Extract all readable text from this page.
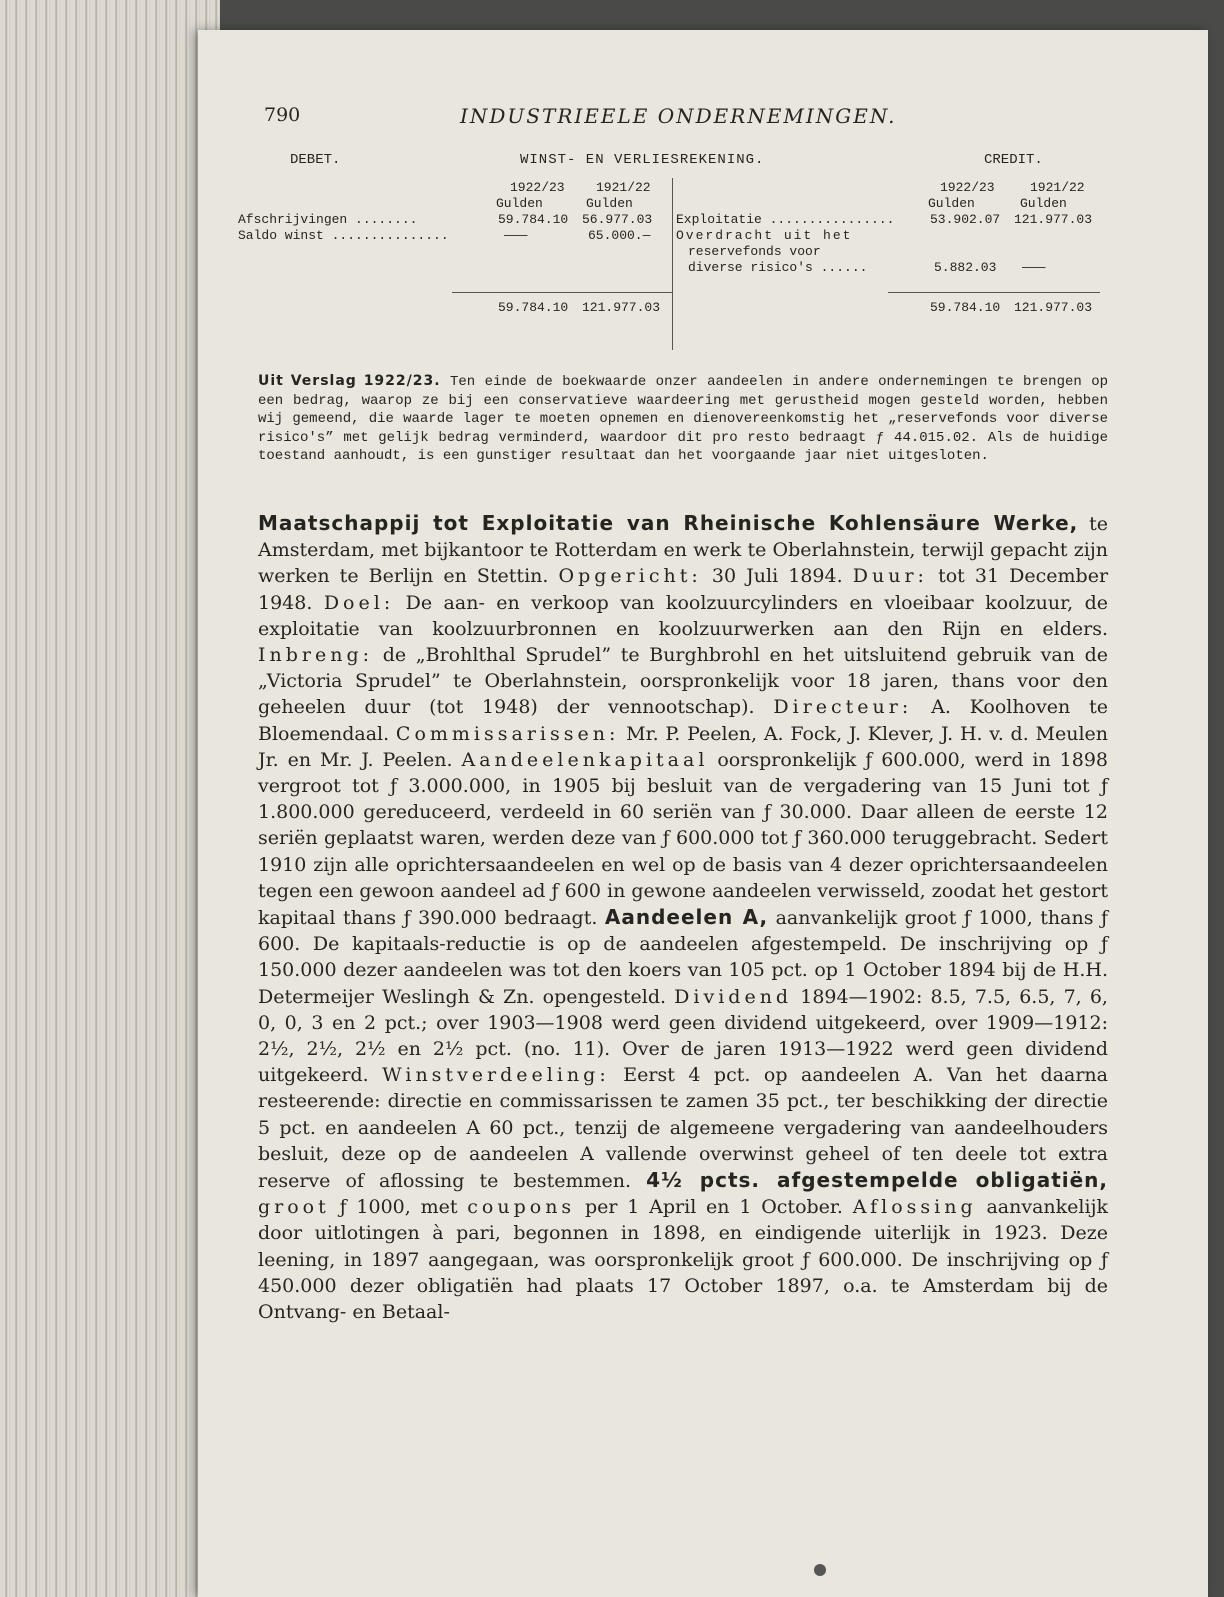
790	INDUSTRIEELE ONDERNEMINGEN.
DEBET.	WINST- EN VERLIESREKENING.	CREDIT.
1922/23 1921/22
Gulden	Gulden
1922/23	1921/22
Gulden	Gulden
Afschrijvingen ........	59.784.10 56.977.03
Saldo winst ...............	———	65.000.—
Exploitatie ................	53.902.07 121.977.03
Overdracht uit het
reservefonds voor
diverse risico's ......	5.882.03 ———
59.784.10 121.977.03	59.784.10 121.977.03
Uit Verslag 1922/23. Ten einde de boekwaarde onzer aandeelen in andere ondernemingen te brengen op een bedrag, waarop ze bij een conservatieve waardeering met gerustheid mogen gesteld worden, hebben wij gemeend, die waarde lager te moeten opnemen en dienovereenkomstig het „reservefonds voor diverse risico's” met gelijk bedrag verminderd, waardoor dit pro resto bedraagt ƒ 44.015.02. Als de huidige toestand aanhoudt, is een gunstiger resultaat dan het voorgaande jaar niet uitgesloten.
Maatschappij tot Exploitatie van Rheinische Kohlensäure Werke, te Amsterdam, met bijkantoor te Rotterdam en werk te Oberlahnstein, terwijl gepacht zijn werken te Berlijn en Stettin. Opgericht: 30 Juli 1894. Duur: tot 31 December 1948. Doel: De aan- en verkoop van koolzuurcylinders en vloeibaar koolzuur, de exploitatie van koolzuurbronnen en koolzuurwerken aan den Rijn en elders. Inbreng: de „Brohlthal Sprudel” te Burghbrohl en het uitsluitend gebruik van de „Victoria Sprudel” te Oberlahnstein, oorspronkelijk voor 18 jaren, thans voor den geheelen duur (tot 1948) der vennootschap). Directeur: A. Koolhoven te Bloemendaal. Commissarissen: Mr. P. Peelen, A. Fock, J. Klever, J. H. v. d. Meulen Jr. en Mr. J. Peelen. Aandeelenkapitaal oorspronkelijk ƒ 600.000, werd in 1898 vergroot tot ƒ 3.000.000, in 1905 bij besluit van de vergadering van 15 Juni tot ƒ 1.800.000 gereduceerd, verdeeld in 60 seriën van ƒ 30.000. Daar alleen de eerste 12 seriën geplaatst waren, werden deze van ƒ 600.000 tot ƒ 360.000 teruggebracht. Sedert 1910 zijn alle oprichtersaandeelen en wel op de basis van 4 dezer oprichtersaandeelen tegen een gewoon aandeel ad ƒ 600 in gewone aandeelen verwisseld, zoodat het gestort kapitaal thans ƒ 390.000 bedraagt. Aandeelen A, aanvankelijk groot ƒ 1000, thans ƒ 600. De kapitaals-reductie is op de aandeelen afgestempeld. De inschrijving op ƒ 150.000 dezer aandeelen was tot den koers van 105 pct. op 1 October 1894 bij de H.H. Determeijer Weslingh & Zn. opengesteld. Dividend 1894—1902: 8.5, 7.5, 6.5, 7, 6, 0, 0, 3 en 2 pct.; over 1903—1908 werd geen dividend uitgekeerd, over 1909—1912: 2½, 2½, 2½ en 2½ pct. (no. 11). Over de jaren 1913—1922 werd geen dividend uitgekeerd. Winstverdeeling: Eerst 4 pct. op aandeelen A. Van het daarna resteerende: directie en commissarissen te zamen 35 pct., ter beschikking der directie 5 pct. en aandeelen A 60 pct., tenzij de algemeene vergadering van aandeelhouders besluit, deze op de aandeelen A vallende overwinst geheel of ten deele tot extra reserve of aflossing te bestemmen. 4½ pcts. afgestempelde obligatiën, groot ƒ 1000, met coupons per 1 April en 1 October. Aflossing aanvankelijk door uitlotingen à pari, begonnen in 1898, en eindigende uiterlijk in 1923. Deze leening, in 1897 aangegaan, was oorspronkelijk groot ƒ 600.000. De inschrijving op ƒ 450.000 dezer obligatiën had plaats 17 October 1897, o.a. te Amsterdam bij de Ontvang- en Betaal-
